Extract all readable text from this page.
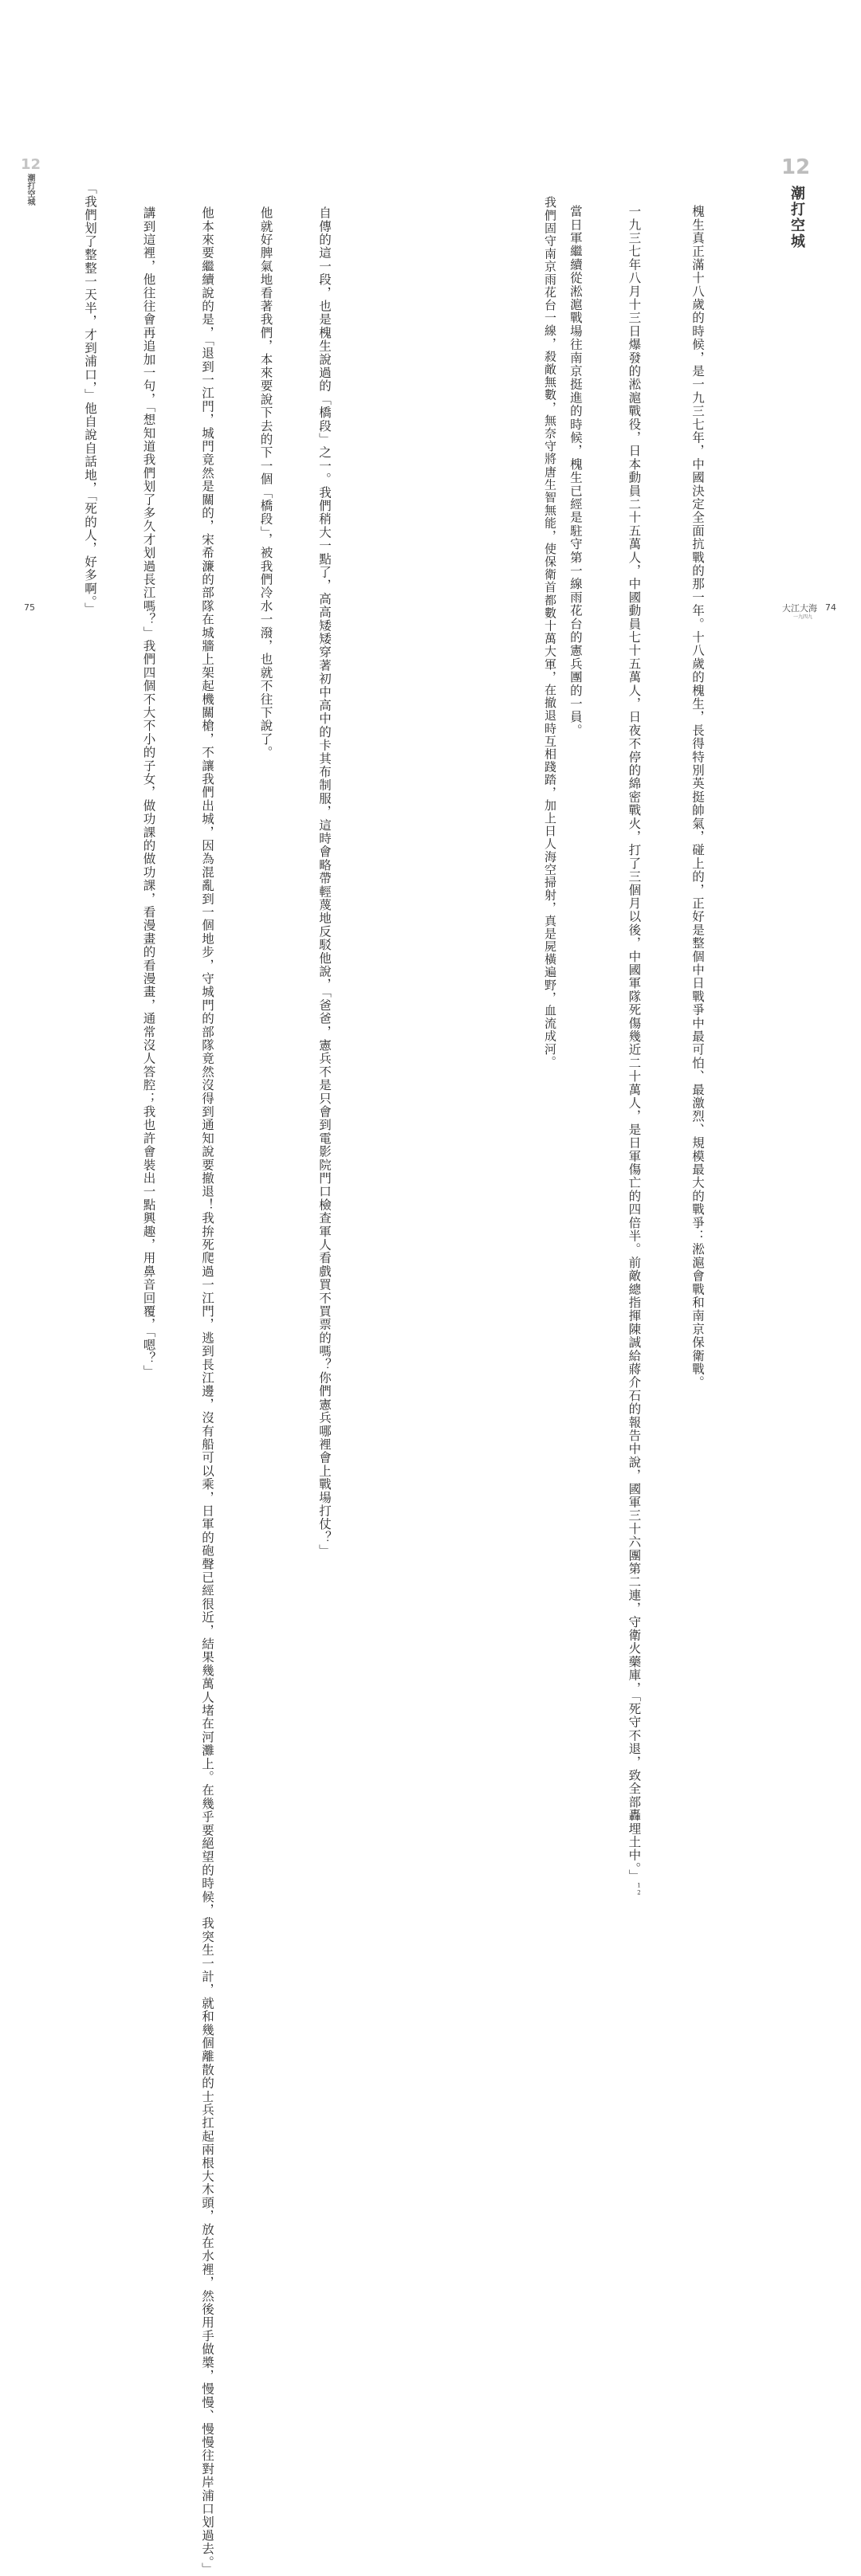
自傳的這一段，也是槐生說過的「橋段」之一。我們稍大一點了，高高矮矮穿著初中高中的卡其布制服，這時會略帶輕蔑地反駁他說，「爸爸，憲兵不是只會到電影院門口檢查軍人看戲買不買票的嗎？你們憲兵哪裡會上戰場打仗？」

他就好脾氣地看著我們，本來要說下去的下一個「橋段」，被我們冷水一潑，也就不往下說了。

他本來要繼續說的是，「退到一江門，城門竟然是關的，宋希濂的部隊在城牆上架起機關槍，不讓我們出城，因為混亂到一個地步，守城門的部隊竟然沒得到通知說要撤退！我拚死爬過一江門，逃到長江邊，沒有船可以乘，日軍的砲聲已經很近，結果幾萬人堵在河灘上。在幾乎要絕望的時候，我突生一計，就和幾個離散的士兵扛起兩根大木頭，放在水裡，然後用手做槳，慢慢、慢慢往對岸浦口划過去。」

講到這裡，他往往會再追加一句，「想知道我們划了多久才划過長江嗎？」我們四個不大不小的子女，做功課的做功課，看漫畫的看漫畫，通常沒人答腔；我也許會裝出一點興趣，用鼻音回覆，「嗯？」

「我們划了整整一天半，才到浦口，」他自說自話地，「死的人，好多啊。」

12
潮打空城
75
12
潮打空城

槐生真正滿十八歲的時候，是一九三七年，中國決定全面抗戰的那一年。十八歲的槐生，長得特別英挺帥氣，碰上的，正好是整個中日戰爭中最可怕、最激烈、規模最大的戰爭：淞滬會戰和南京保衛戰。

一九三七年八月十三日爆發的淞滬戰役，日本動員二十五萬人，中國動員七十五萬人，日夜不停的綿密戰火，打了三個月以後，中國軍隊死傷幾近二十萬人，是日軍傷亡的四倍半。前敵總指揮陳誠給蔣介石的報告中說，國軍三十六團第二連，守衛火藥庫，「死守不退，致全部轟埋土中。」$^{12}$

當日軍繼續從淞滬戰場往南京挺進的時候，槐生已經是駐守第一線雨花台的憲兵團的一員。

我們固守南京雨花台一線，殺敵無數，無奈守將唐生智無能，使保衛首都數十萬大軍，在撤退時互相踐踏，加上日人海空掃射，真是屍橫遍野，血流成河。	大江大海
一九四九
74
